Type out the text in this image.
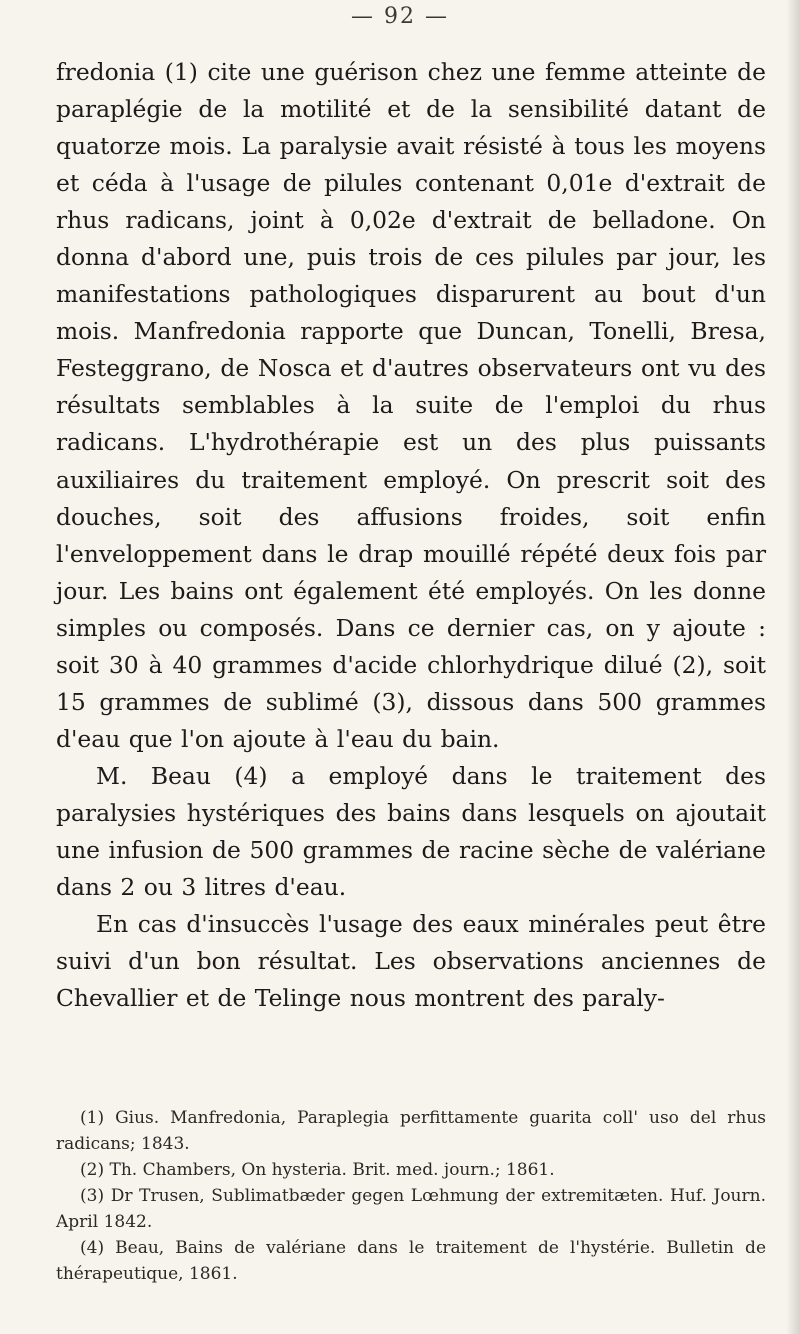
— 92 —

fredonia (1) cite une guérison chez une femme atteinte de paraplégie de la motilité et de la sensibilité datant de quatorze mois. La paralysie avait résisté à tous les moyens et céda à l'usage de pilules contenant 0,01e d'extrait de rhus radicans, joint à 0,02e d'extrait de belladone. On donna d'abord une, puis trois de ces pilules par jour, les manifestations pathologiques disparurent au bout d'un mois. Manfredonia rapporte que Duncan, Tonelli, Bresa, Festeggrano, de Nosca et d'autres observateurs ont vu des résultats semblables à la suite de l'emploi du rhus radicans. L'hydrothérapie est un des plus puissants auxiliaires du traitement employé. On prescrit soit des douches, soit des affusions froides, soit enfin l'enveloppement dans le drap mouillé répété deux fois par jour. Les bains ont également été employés. On les donne simples ou composés. Dans ce dernier cas, on y ajoute : soit 30 à 40 grammes d'acide chlorhydrique dilué (2), soit 15 grammes de sublimé (3), dissous dans 500 grammes d'eau que l'on ajoute à l'eau du bain.

M. Beau (4) a employé dans le traitement des paralysies hystériques des bains dans lesquels on ajoutait une infusion de 500 grammes de racine sèche de valériane dans 2 ou 3 litres d'eau.

En cas d'insuccès l'usage des eaux minérales peut être suivi d'un bon résultat. Les observations anciennes de Chevallier et de Telinge nous montrent des paraly-

(1) Gius. Manfredonia, Paraplegia perfittamente guarita coll' uso del rhus radicans; 1843.

(2) Th. Chambers, On hysteria. Brit. med. journ.; 1861.

(3) Dr Trusen, Sublimatbæder gegen Lœhmung der extremitæten. Huf. Journ. April 1842.

(4) Beau, Bains de valériane dans le traitement de l'hystérie. Bulletin de thérapeutique, 1861.
